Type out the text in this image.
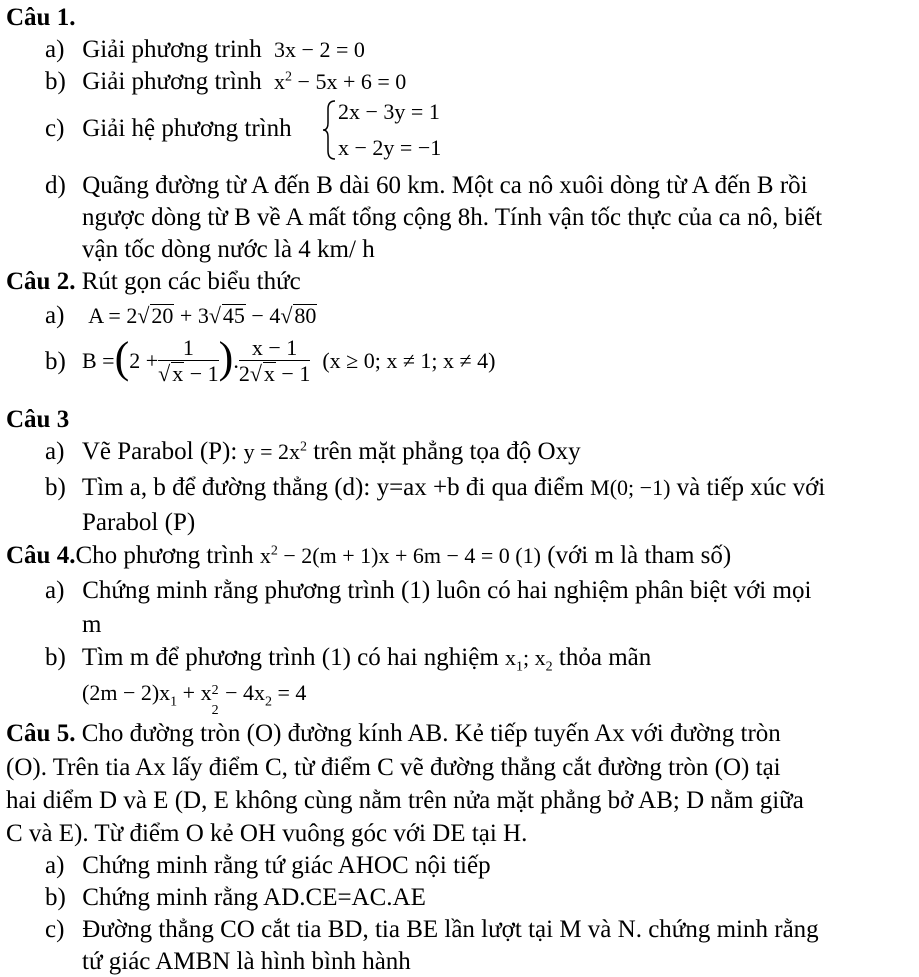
Câu 1.
a) Giải phương trinh 3x − 2 = 0
b) Giải phương trình $x^2 - 5x + 6 = 0$
c) Giải hệ phương trình
2x − 3y = 1
x − 2y = −1
d) Quãng đường từ A đến B dài 60 km. Một ca nô xuôi dòng từ A đến B rồi
ngược dòng từ B về A mất tổng cộng 8h. Tính vận tốc thực của ca nô, biết
vận tốc dòng nước là 4 km/ h
Câu 2. Rút gọn các biểu thức
a) A = 2√20 + 3√45 − 4√80
b) B = ( $2 + \frac{1}{√x - 1}$ ) . $\frac{x - 1}{2√x - 1} (x \ge 0$; x ≠ 1; x ≠ 4)
Câu 3
a) Vẽ Parabol (P): $y = 2x^2$ trên mặt phẳng tọa độ Oxy
b) Tìm a, b để đường thẳng (d): y=ax +b đi qua điểm M(0; −1) và tiếp xúc với
Parabol (P)
Câu 4.Cho phương trình $x^2 - 2(m + 1)x + 6m - 4 = 0$ (1) (với m là tham số)
a) Chứng minh rằng phương trình (1) luôn có hai nghiệm phân biệt với mọi
m
b) Tìm m để phương trình (1) có hai nghiệm $x_1$; $x_2$ thỏa mãn
$(2m - 2)x_1 + x$ 2
2
− $4x_2 = 4$
Câu 5. Cho đường tròn (O) đường kính AB. Kẻ tiếp tuyến Ax với đường tròn
(O). Trên tia Ax lấy điểm C, từ điểm C vẽ đường thẳng cắt đường tròn (O) tại
hai diểm D và E (D, E không cùng nằm trên nửa mặt phẳng bở AB; D nằm giữa
C và E). Từ điểm O kẻ OH vuông góc với DE tại H.
a) Chứng minh rằng tứ giác AHOC nội tiếp
b) Chứng minh rằng AD.CE=AC.AE
c) Đường thẳng CO cắt tia BD, tia BE lần lượt tại M và N. chứng minh rằng
tứ giác AMBN là hình bình hành
